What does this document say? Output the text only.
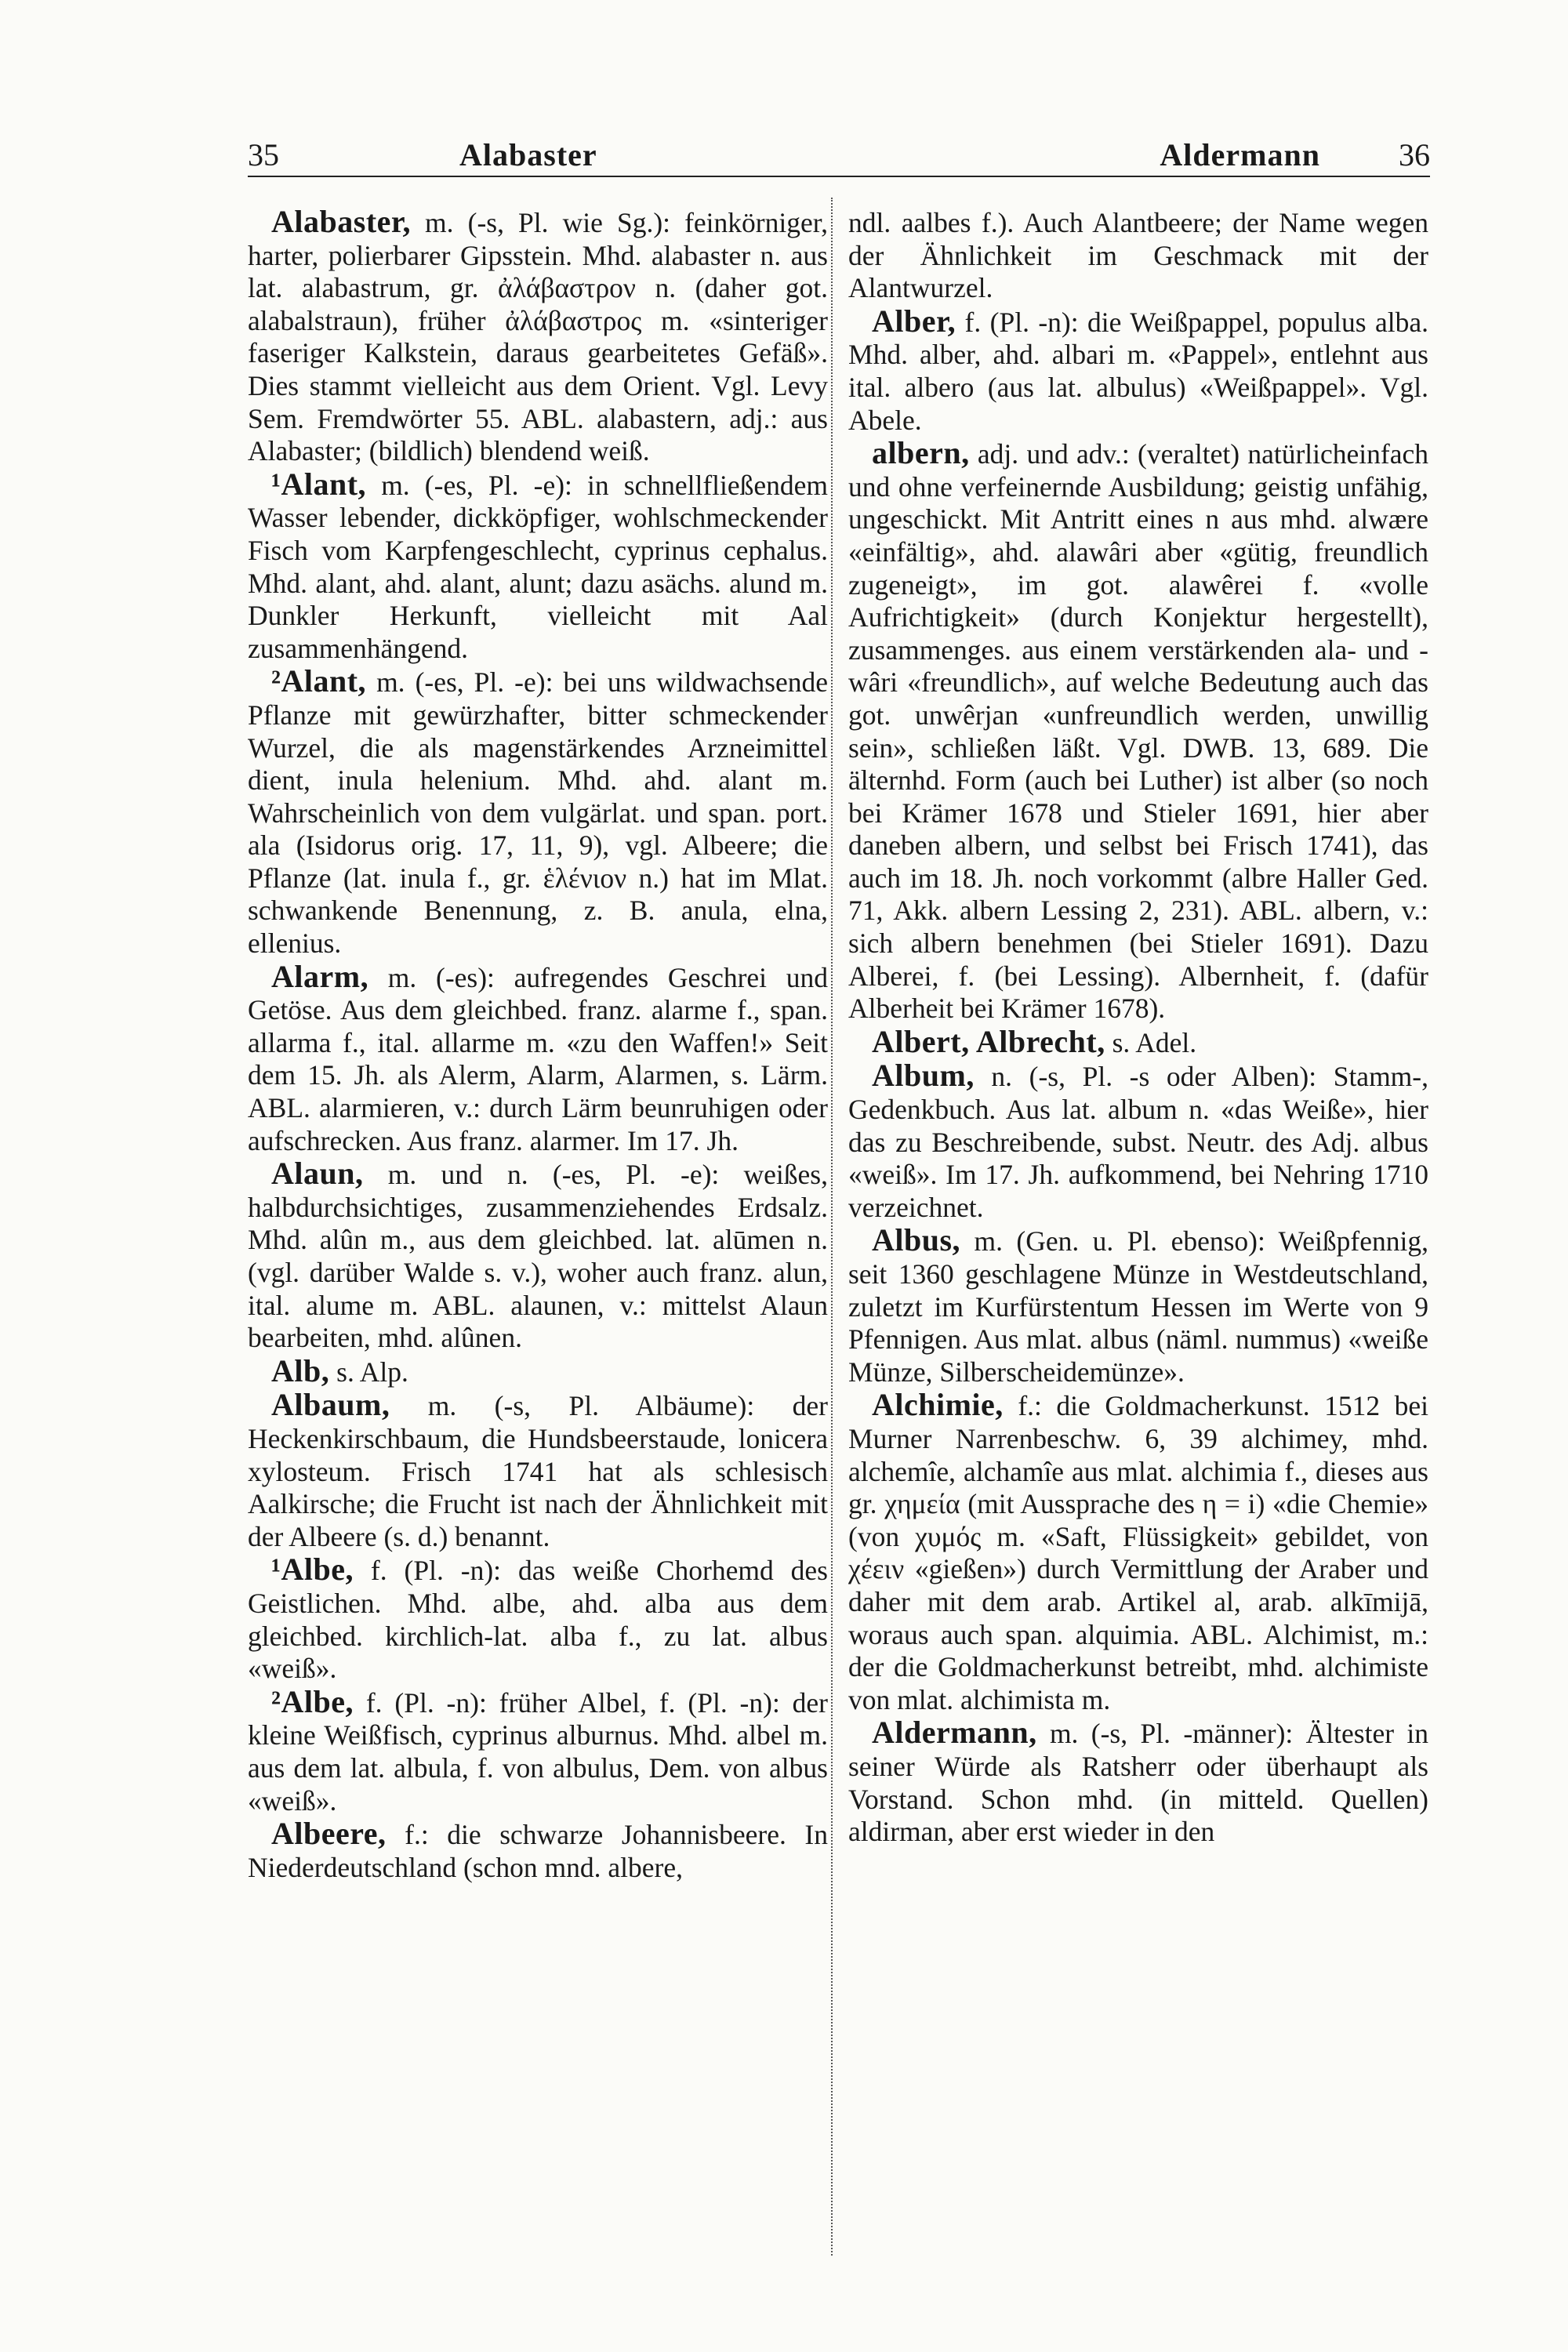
35	Alabaster	Aldermann	36

Alabaster, m. (-s, Pl. wie Sg.): feinkörniger, harter, polierbarer Gipsstein. Mhd. alabaster n. aus lat. alabastrum, gr. ἀλάβαστρον n. (daher got. alabalstraun), früher ἀλάβαστρος m. «sinteriger faseriger Kalkstein, daraus gearbeitetes Gefäß». Dies stammt vielleicht aus dem Orient. Vgl. Levy Sem. Fremdwörter 55. ABL. alabastern, adj.: aus Alabaster; (bildlich) blendend weiß.

¹Alant, m. (-es, Pl. -e): in schnellfließendem Wasser lebender, dickköpfiger, wohlschmeckender Fisch vom Karpfengeschlecht, cyprinus cephalus. Mhd. alant, ahd. alant, alunt; dazu asächs. alund m. Dunkler Herkunft, vielleicht mit Aal zusammenhängend.

²Alant, m. (-es, Pl. -e): bei uns wildwachsende Pflanze mit gewürzhafter, bitter schmeckender Wurzel, die als magenstärkendes Arzneimittel dient, inula helenium. Mhd. ahd. alant m. Wahrscheinlich von dem vulgärlat. und span. port. ala (Isidorus orig. 17, 11, 9), vgl. Albeere; die Pflanze (lat. inula f., gr. ἑλένιον n.) hat im Mlat. schwankende Benennung, z. B. anula, elna, ellenius.

Alarm, m. (-es): aufregendes Geschrei und Getöse. Aus dem gleichbed. franz. alarme f., span. allarma f., ital. allarme m. «zu den Waffen!» Seit dem 15. Jh. als Alerm, Alarm, Alarmen, s. Lärm. ABL. alarmieren, v.: durch Lärm beunruhigen oder aufschrecken. Aus franz. alarmer. Im 17. Jh.

Alaun, m. und n. (-es, Pl. -e): weißes, halbdurchsichtiges, zusammenziehendes Erdsalz. Mhd. alûn m., aus dem gleichbed. lat. alūmen n. (vgl. darüber Walde s. v.), woher auch franz. alun, ital. alume m. ABL. alaunen, v.: mittelst Alaun bearbeiten, mhd. alûnen.

Alb, s. Alp.

Albaum, m. (-s, Pl. Albäume): der Heckenkirschbaum, die Hundsbeerstaude, lonicera xylosteum. Frisch 1741 hat als schlesisch Aalkirsche; die Frucht ist nach der Ähnlichkeit mit der Albeere (s. d.) benannt.

¹Albe, f. (Pl. -n): das weiße Chorhemd des Geistlichen. Mhd. albe, ahd. alba aus dem gleichbed. kirchlich-lat. alba f., zu lat. albus «weiß».

²Albe, f. (Pl. -n): früher Albel, f. (Pl. -n): der kleine Weißfisch, cyprinus alburnus. Mhd. albel m. aus dem lat. albula, f. von albulus, Dem. von albus «weiß».

Albeere, f.: die schwarze Johannisbeere. In Niederdeutschland (schon mnd. albere,

ndl. aalbes f.). Auch Alantbeere; der Name wegen der Ähnlichkeit im Geschmack mit der Alantwurzel.

Alber, f. (Pl. -n): die Weißpappel, populus alba. Mhd. alber, ahd. albari m. «Pappel», entlehnt aus ital. albero (aus lat. albulus) «Weißpappel». Vgl. Abele.

albern, adj. und adv.: (veraltet) natürlicheinfach und ohne verfeinernde Ausbildung; geistig unfähig, ungeschickt. Mit Antritt eines n aus mhd. alwære «einfältig», ahd. alawâri aber «gütig, freundlich zugeneigt», im got. alawêrei f. «volle Aufrichtigkeit» (durch Konjektur hergestellt), zusammenges. aus einem verstärkenden ala- und -wâri «freundlich», auf welche Bedeutung auch das got. unwêrjan «unfreundlich werden, unwillig sein», schließen läßt. Vgl. DWB. 13, 689. Die älternhd. Form (auch bei Luther) ist alber (so noch bei Krämer 1678 und Stieler 1691, hier aber daneben albern, und selbst bei Frisch 1741), das auch im 18. Jh. noch vorkommt (albre Haller Ged. 71, Akk. albern Lessing 2, 231). ABL. albern, v.: sich albern benehmen (bei Stieler 1691). Dazu Alberei, f. (bei Lessing). Albernheit, f. (dafür Alberheit bei Krämer 1678).

Albert, Albrecht, s. Adel.

Album, n. (-s, Pl. -s oder Alben): Stamm-, Gedenkbuch. Aus lat. album n. «das Weiße», hier das zu Beschreibende, subst. Neutr. des Adj. albus «weiß». Im 17. Jh. aufkommend, bei Nehring 1710 verzeichnet.

Albus, m. (Gen. u. Pl. ebenso): Weißpfennig, seit 1360 geschlagene Münze in Westdeutschland, zuletzt im Kurfürstentum Hessen im Werte von 9 Pfennigen. Aus mlat. albus (näml. nummus) «weiße Münze, Silberscheidemünze».

Alchimie, f.: die Goldmacherkunst. 1512 bei Murner Narrenbeschw. 6, 39 alchimey, mhd. alchemîe, alchamîe aus mlat. alchimia f., dieses aus gr. χημεία (mit Aussprache des η = i) «die Chemie» (von χυμός m. «Saft, Flüssigkeit» gebildet, von χέειν «gießen») durch Vermittlung der Araber und daher mit dem arab. Artikel al, arab. alkīmijā, woraus auch span. alquimia. ABL. Alchimist, m.: der die Goldmacherkunst betreibt, mhd. alchimiste von mlat. alchimista m.

Aldermann, m. (-s, Pl. -männer): Ältester in seiner Würde als Ratsherr oder überhaupt als Vorstand. Schon mhd. (in mitteld. Quellen) aldirman, aber erst wieder in den
